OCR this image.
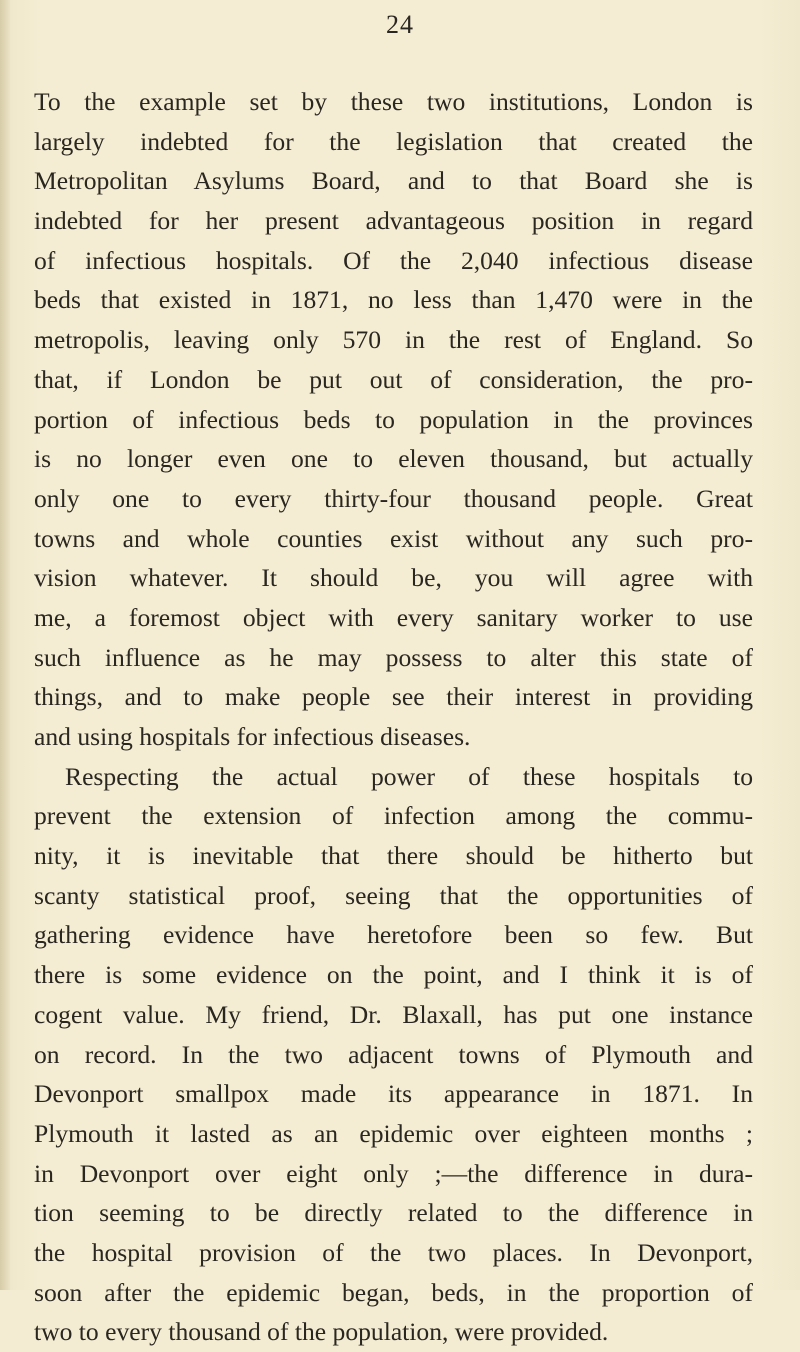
24
To the example set by these two institutions, London is
largely indebted for the legislation that created the
Metropolitan Asylums Board, and to that Board she is
indebted for her present advantageous position in regard
of infectious hospitals. Of the 2,040 infectious disease
beds that existed in 1871, no less than 1,470 were in the
metropolis, leaving only 570 in the rest of England. So
that, if London be put out of consideration, the pro-
portion of infectious beds to population in the provinces
is no longer even one to eleven thousand, but actually
only one to every thirty-four thousand people. Great
towns and whole counties exist without any such pro-
vision whatever. It should be, you will agree with
me, a foremost object with every sanitary worker to use
such influence as he may possess to alter this state of
things, and to make people see their interest in providing
and using hospitals for infectious diseases.
Respecting the actual power of these hospitals to
prevent the extension of infection among the commu-
nity, it is inevitable that there should be hitherto but
scanty statistical proof, seeing that the opportunities of
gathering evidence have heretofore been so few. But
there is some evidence on the point, and I think it is of
cogent value. My friend, Dr. Blaxall, has put one instance
on record. In the two adjacent towns of Plymouth and
Devonport smallpox made its appearance in 1871. In
Plymouth it lasted as an epidemic over eighteen months ;
in Devonport over eight only ;—the difference in dura-
tion seeming to be directly related to the difference in
the hospital provision of the two places. In Devonport,
soon after the epidemic began, beds, in the proportion of
two to every thousand of the population, were provided.
